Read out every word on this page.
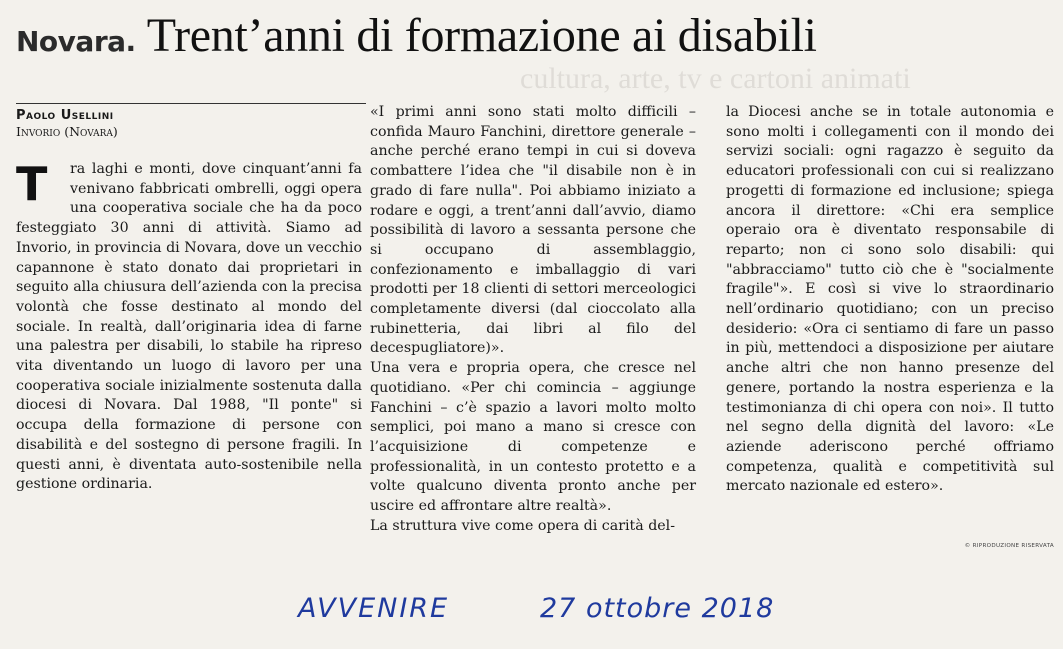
cultura, arte, tv e cartoni animati
Novara. Trent’anni di formazione ai disabili
Paolo Usellini
Invorio (Novara)

T	ra laghi e monti, dove cinquant’anni fa venivano fabbricati ombrelli, oggi opera una cooperativa sociale che ha da poco festeggiato 30 anni di attività. Siamo ad Invorio, in provincia di Novara, dove un vecchio capannone è stato donato dai proprietari in seguito alla chiusura dell’azienda con la precisa volontà che fosse destinato al mondo del sociale. In realtà, dall’originaria idea di farne una palestra per disabili, lo stabile ha ripreso vita diventando un luogo di lavoro per una cooperativa sociale inizialmente sostenuta dalla diocesi di Novara. Dal 1988, "Il ponte" si occupa della formazione di persone con disabilità e del sostegno di persone fragili. In questi anni, è diventata auto-sostenibile nella gestione ordinaria.

«I primi anni sono stati molto difficili – confida Mauro Fanchini, direttore generale – anche perché erano tempi in cui si doveva combattere l’idea che "il disabile non è in grado di fare nulla". Poi abbiamo iniziato a rodare e oggi, a trent’anni dall’avvio, diamo possibilità di lavoro a sessanta persone che si occupano di assemblaggio, confezionamento e imballaggio di vari prodotti per 18 clienti di settori merceologici completamente diversi (dal cioccolato alla rubinetteria, dai libri al filo del decespugliatore)».

Una vera e propria opera, che cresce nel quotidiano. «Per chi comincia – aggiunge Fanchini – c’è spazio a lavori molto molto semplici, poi mano a mano si cresce con l’acquisizione di competenze e professionalità, in un contesto protetto e a volte qualcuno diventa pronto anche per uscire ed affrontare altre realtà».

La struttura vive come opera di carità del-

la Diocesi anche se in totale autonomia e sono molti i collegamenti con il mondo dei servizi sociali: ogni ragazzo è seguito da educatori professionali con cui si realizzano progetti di formazione ed inclusione; spiega ancora il direttore: «Chi era semplice operaio ora è diventato responsabile di reparto; non ci sono solo disabili: qui "abbracciamo" tutto ciò che è "socialmente fragile"». E così si vive lo straordinario nell’ordinario quotidiano; con un preciso desiderio: «Ora ci sentiamo di fare un passo in più, mettendoci a disposizione per aiutare anche altri che non hanno presenze del genere, portando la nostra esperienza e la testimonianza di chi opera con noi». Il tutto nel segno della dignità del lavoro: «Le aziende aderiscono perché offriamo competenza, qualità e competitività sul mercato nazionale ed estero».

© RIPRODUZIONE RISERVATA
AVVENIRE	27 ottobre 2018
